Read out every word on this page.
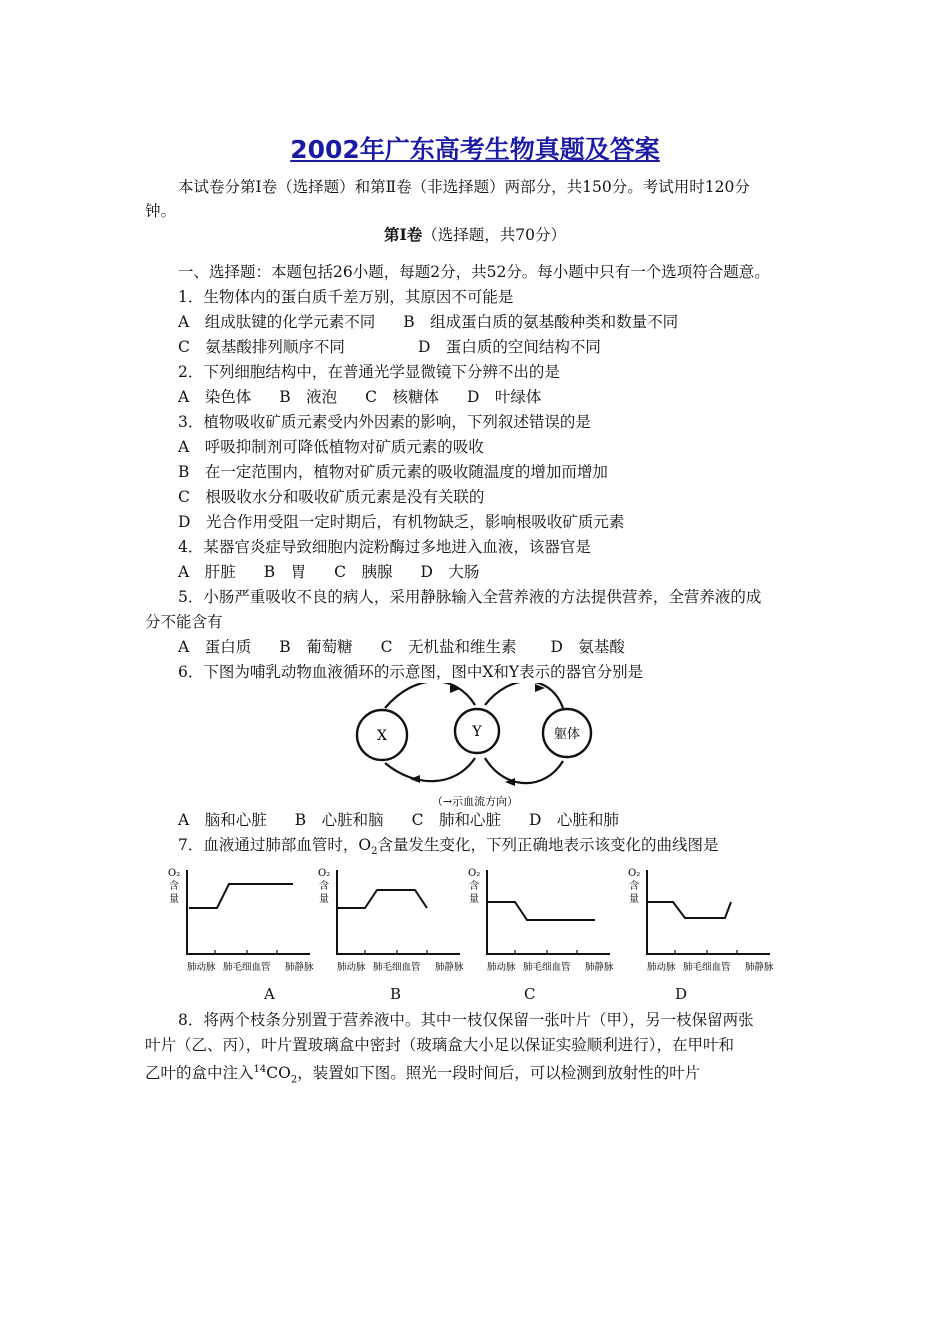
2002年广东高考生物真题及答案
本试卷分第Ⅰ卷（选择题）和第Ⅱ卷（非选择题）两部分，共150分。考试用时120分
钟。
第Ⅰ卷（选择题，共70分）
一、选择题：本题包括26小题，每题2分，共52分。每小题中只有一个选项符合题意。
1．生物体内的蛋白质千差万别，其原因不可能是
A　组成肽键的化学元素不同 B　组成蛋白质的氨基酸种类和数量不同
C　氨基酸排列顺序不同	D　蛋白质的空间结构不同
2．下列细胞结构中，在普通光学显微镜下分辨不出的是
A　染色体 B　液泡 C　核糖体 D　叶绿体
3．植物吸收矿质元素受内外因素的影响，下列叙述错误的是
A　呼吸抑制剂可降低植物对矿质元素的吸收
B　在一定范围内，植物对矿质元素的吸收随温度的增加而增加
C　根吸收水分和吸收矿质元素是没有关联的
D　光合作用受阻一定时期后，有机物缺乏，影响根吸收矿质元素
4．某器官炎症导致细胞内淀粉酶过多地进入血液，该器官是
A　肝脏 B　胃 C　胰腺 D　大肠
5．小肠严重吸收不良的病人，采用静脉输入全营养液的方法提供营养，全营养液的成
分不能含有
A　蛋白质 B　葡萄糖 C　无机盐和维生素 D　氨基酸
6．下图为哺乳动物血液循环的示意图，图中X和Y表示的器官分别是
X	Y	躯体
（→示血流方向）
A　脑和心脏 B　心脏和脑 C　肺和心脏 D　心脏和肺
7．血液通过肺部血管时，$O_2$含量发生变化，下列正确地表示该变化的曲线图是
O₂
含
量
肺动脉 肺毛细血管 肺静脉
O₂
含
量
肺动脉 肺毛细血管 肺静脉
O₂
含
量
肺动脉 肺毛细血管 肺静脉
O₂
含
量
肺动脉 肺毛细血管 肺静脉
A	B	C	D
8．将两个枝条分别置于营养液中。其中一枝仅保留一张叶片（甲），另一枝保留两张
叶片（乙、丙），叶片置玻璃盒中密封（玻璃盒大小足以保证实验顺利进行），在甲叶和
乙叶的盒中注入$^{14}CO_2$，装置如下图。照光一段时间后，可以检测到放射性的叶片
